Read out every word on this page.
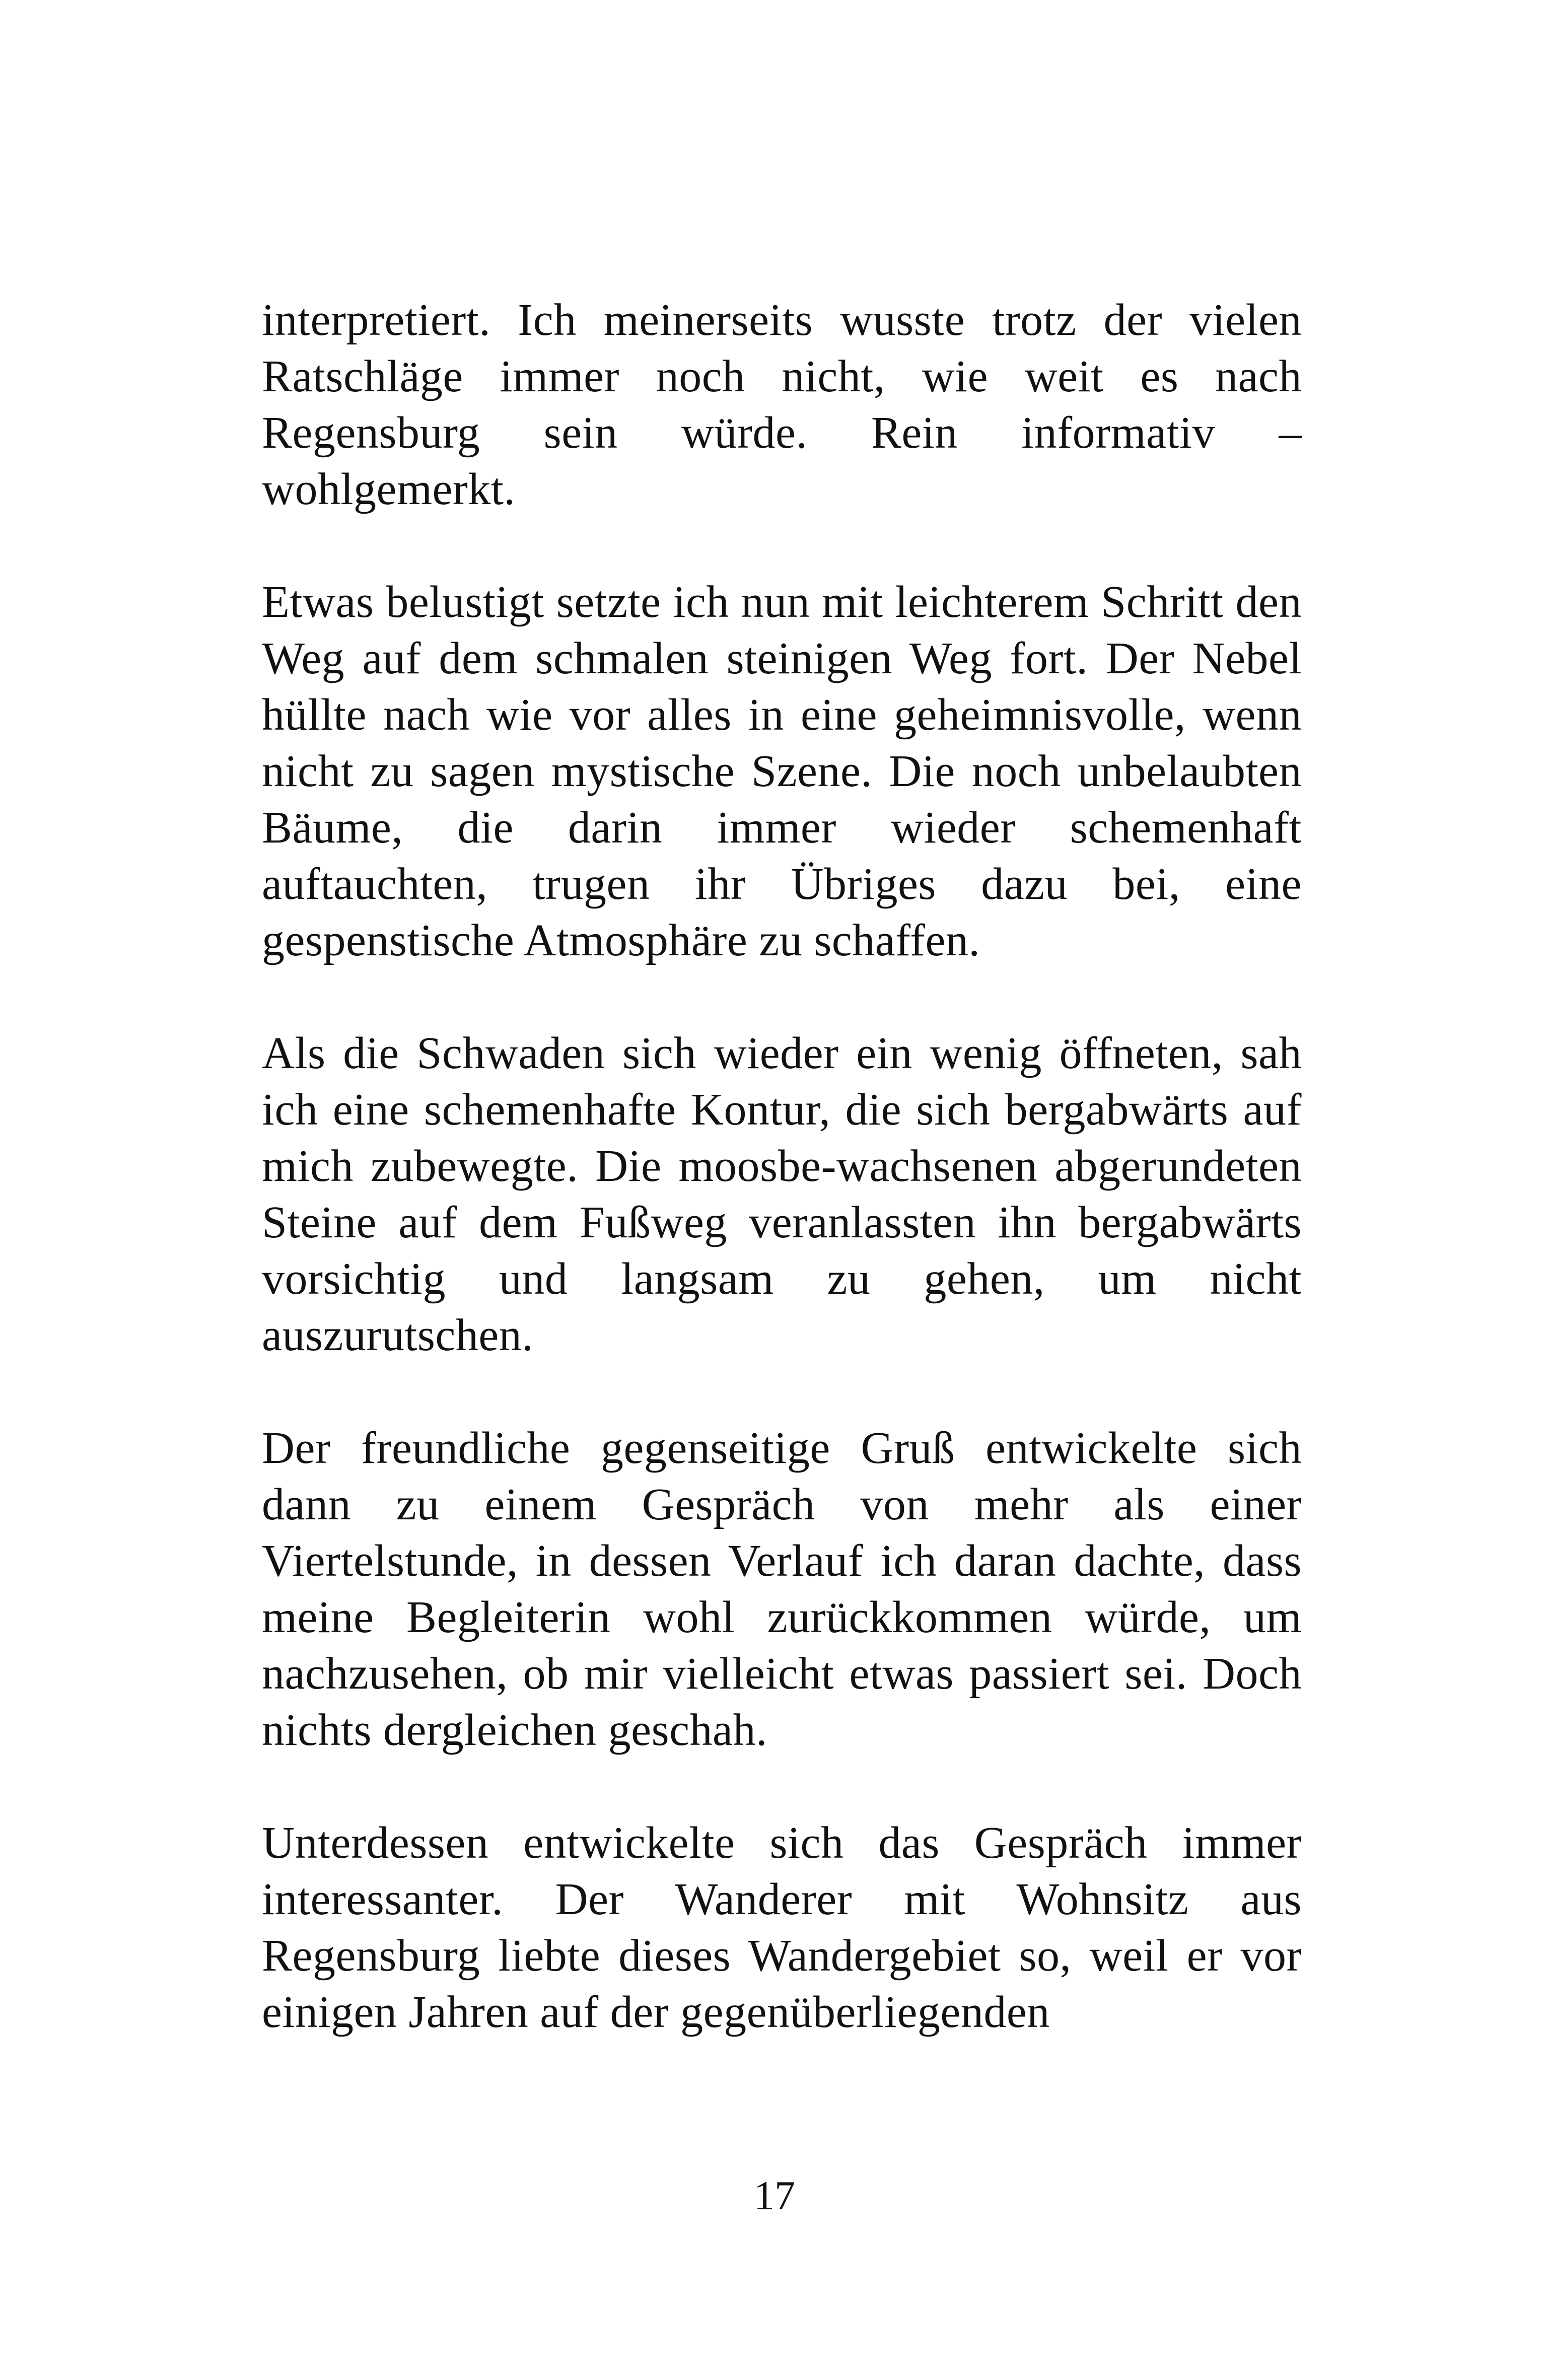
interpretiert. Ich meinerseits wusste trotz der vielen Ratschläge immer noch nicht, wie weit es nach Regensburg sein würde. Rein informativ – wohlgemerkt.

Etwas belustigt setzte ich nun mit leichterem Schritt den Weg auf dem schmalen steinigen Weg fort. Der Nebel hüllte nach wie vor alles in eine geheimnisvolle, wenn nicht zu sagen mystische Szene. Die noch unbelaubten Bäume, die darin immer wieder schemenhaft auftauchten, trugen ihr Übriges dazu bei, eine gespenstische Atmosphäre zu schaffen.

Als die Schwaden sich wieder ein wenig öffneten, sah ich eine schemenhafte Kontur, die sich bergabwärts auf mich zubewegte. Die moosbe-wachsenen abgerundeten Steine auf dem Fußweg veranlassten ihn bergabwärts vorsichtig und langsam zu gehen, um nicht auszurutschen.

Der freundliche gegenseitige Gruß entwickelte sich dann zu einem Gespräch von mehr als einer Viertelstunde, in dessen Verlauf ich daran dachte, dass meine Begleiterin wohl zurückkommen würde, um nachzusehen, ob mir vielleicht etwas passiert sei. Doch nichts dergleichen geschah.

Unterdessen entwickelte sich das Gespräch immer interessanter. Der Wanderer mit Wohnsitz aus Regensburg liebte dieses Wandergebiet so, weil er vor einigen Jahren auf der gegenüberliegenden

17
